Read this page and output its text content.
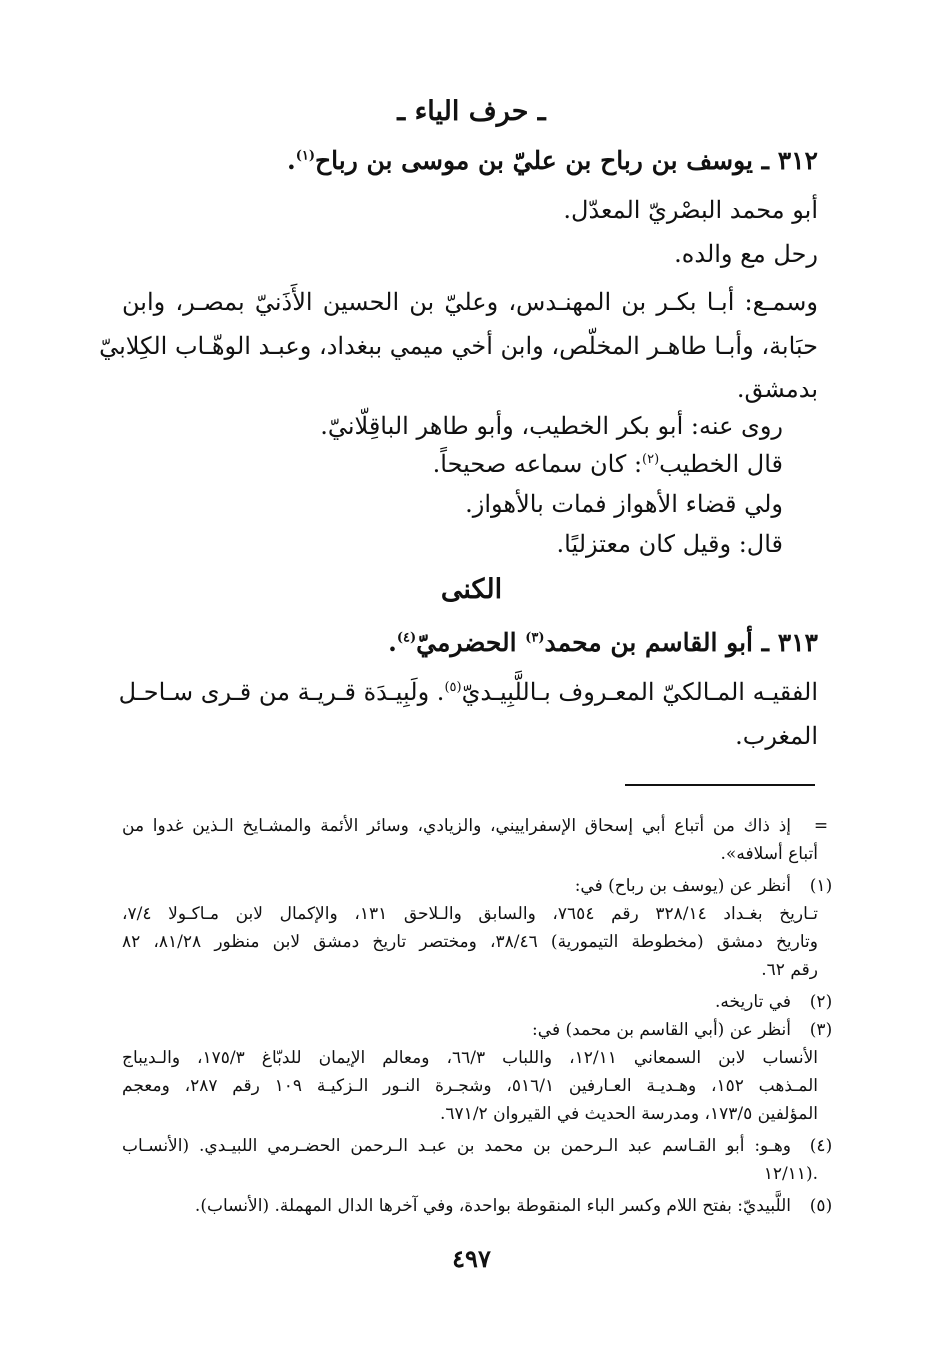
ـ حرف الياء ـ
٣١٢ ـ يوسف بن رباح بن عليّ بن موسى بن رباح$^{(١)}$.
أبو محمد البصْريّ المعدّل.
رحل مع والده.
وسمـع: أبـا بكـر بن المهنـدس، وعليّ بن الحسين الأَذَنيّ بمصـر، وابن
حبَابة، وأبـا طاهـر المخلّص، وابن أخي ميمي ببغداد، وعبـد الوهّـاب الكِلابيّ
بدمشق.
روى عنه: أبو بكر الخطيب، وأبو طاهر الباقِلّانيّ.
قال الخطيب$^{(٢)}$: كان سماعه صحيحاً.
ولي قضاء الأهواز فمات بالأهواز.
قال: وقيل كان معتزليًا.
الكنى
٣١٣ ـ أبو القاسم بن محمد$^{(٣)}$ الحضرميّ$^{(٤)}$.
الفقيـه المـالكيّ المعـروف بـاللَّبِيـديّ$^{(٥)}$. ولَبِيـدَة قـريـة من قـرى سـاحـل
المغرب.
=
إذ ذاك من أتباع أبي إسحاق الإسفراييني، والزيادي، وسائر الأئمة والمشـايخ الـذين غدوا من
أتباع أسلافه».
(١)
أنظر عن (يوسف بن رباح) في:
تـاريخ بغـداد ٣٢٨/١٤ رقم ٧٦٥٤، والسابق والـلاحق ١٣١، والإكمال لابن مـاكـولا ٧/٤،
وتاريخ دمشق (مخطوطة التيمورية) ٣٨/٤٦، ومختصر تاريخ دمشق لابن منظور ٨١/٢٨، ٨٢
رقم ٦٢.
(٢)
في تاريخه.
(٣)
أنظر عن (أبي القاسم بن محمد) في:
الأنساب لابن السمعاني ١٢/١١، واللباب ٦٦/٣، ومعالم الإيمان للدبّاغ ١٧٥/٣، والـديباج
المـذهب ١٥٢، وهـديـة العـارفين ٥١٦/١، وشجـرة النـور الـزكيـة ١٠٩ رقم ٢٨٧، ومعجم
المؤلفين ١٧٣/٥، ومدرسة الحديث في القيروان ٦٧١/٢.
(٤)
وهـو: أبو القـاسم عبد الـرحمن بن محمد بن عبـد الـرحمن الحضـرمي اللبيـدي. (الأنسـاب
١٢/١١).
(٥)
اللَّبيديّ: بفتح اللام وكسر الباء المنقوطة بواحدة، وفي آخرها الدال المهملة. (الأنساب).
٤٩٧
